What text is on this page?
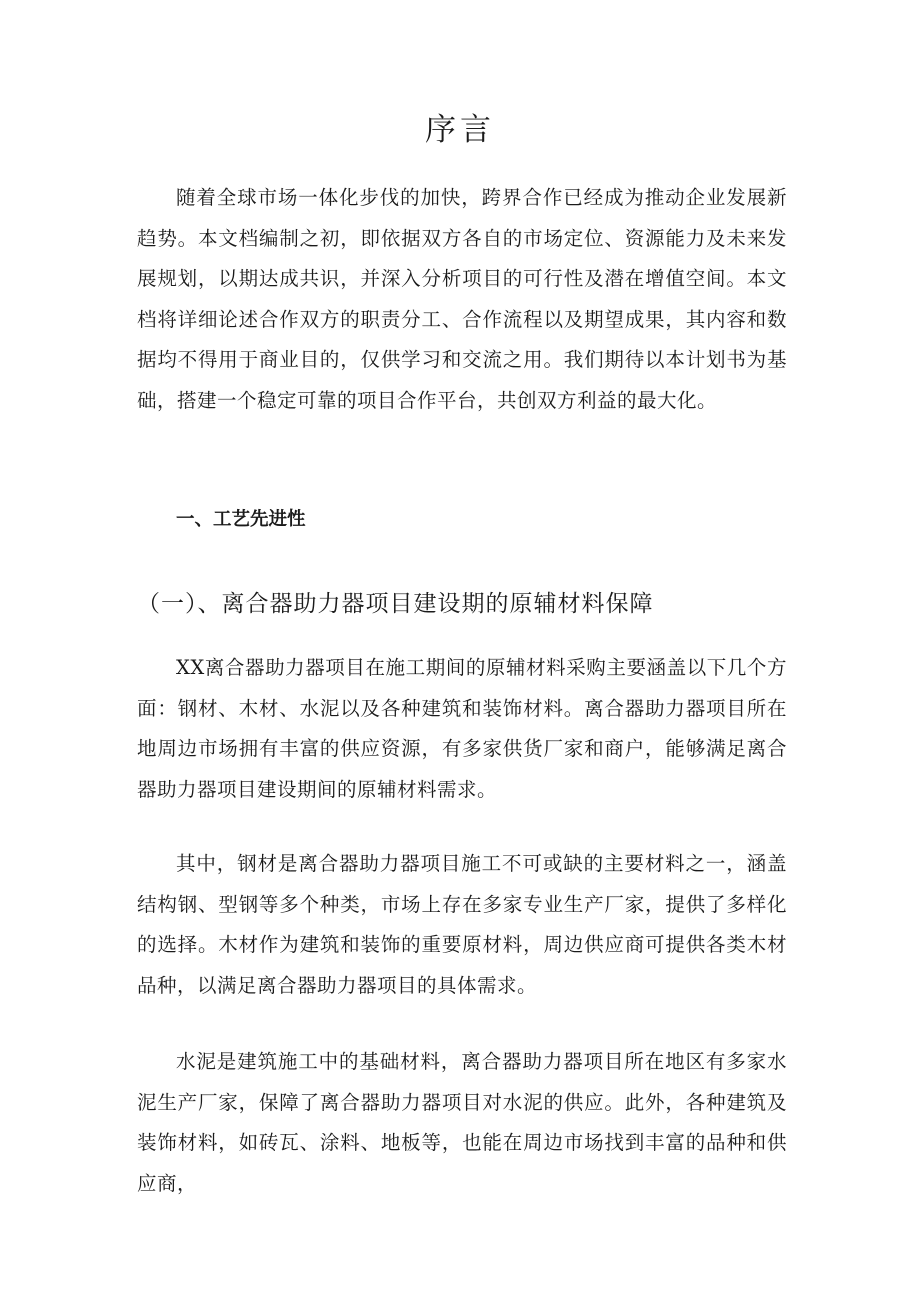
序言

随着全球市场一体化步伐的加快，跨界合作已经成为推动企业发展新趋势。本文档编制之初，即依据双方各自的市场定位、资源能力及未来发展规划，以期达成共识，并深入分析项目的可行性及潜在增值空间。本文档将详细论述合作双方的职责分工、合作流程以及期望成果，其内容和数据均不得用于商业目的，仅供学习和交流之用。我们期待以本计划书为基础，搭建一个稳定可靠的项目合作平台，共创双方利益的最大化。

一、工艺先进性
（一）、离合器助力器项目建设期的原辅材料保障

XX离合器助力器项目在施工期间的原辅材料采购主要涵盖以下几个方面：钢材、木材、水泥以及各种建筑和装饰材料。离合器助力器项目所在地周边市场拥有丰富的供应资源，有多家供货厂家和商户，能够满足离合器助力器项目建设期间的原辅材料需求。

其中，钢材是离合器助力器项目施工不可或缺的主要材料之一，涵盖结构钢、型钢等多个种类，市场上存在多家专业生产厂家，提供了多样化的选择。木材作为建筑和装饰的重要原材料，周边供应商可提供各类木材品种，以满足离合器助力器项目的具体需求。

水泥是建筑施工中的基础材料，离合器助力器项目所在地区有多家水泥生产厂家，保障了离合器助力器项目对水泥的供应。此外，各种建筑及装饰材料，如砖瓦、涂料、地板等，也能在周边市场找到丰富的品种和供应商，
